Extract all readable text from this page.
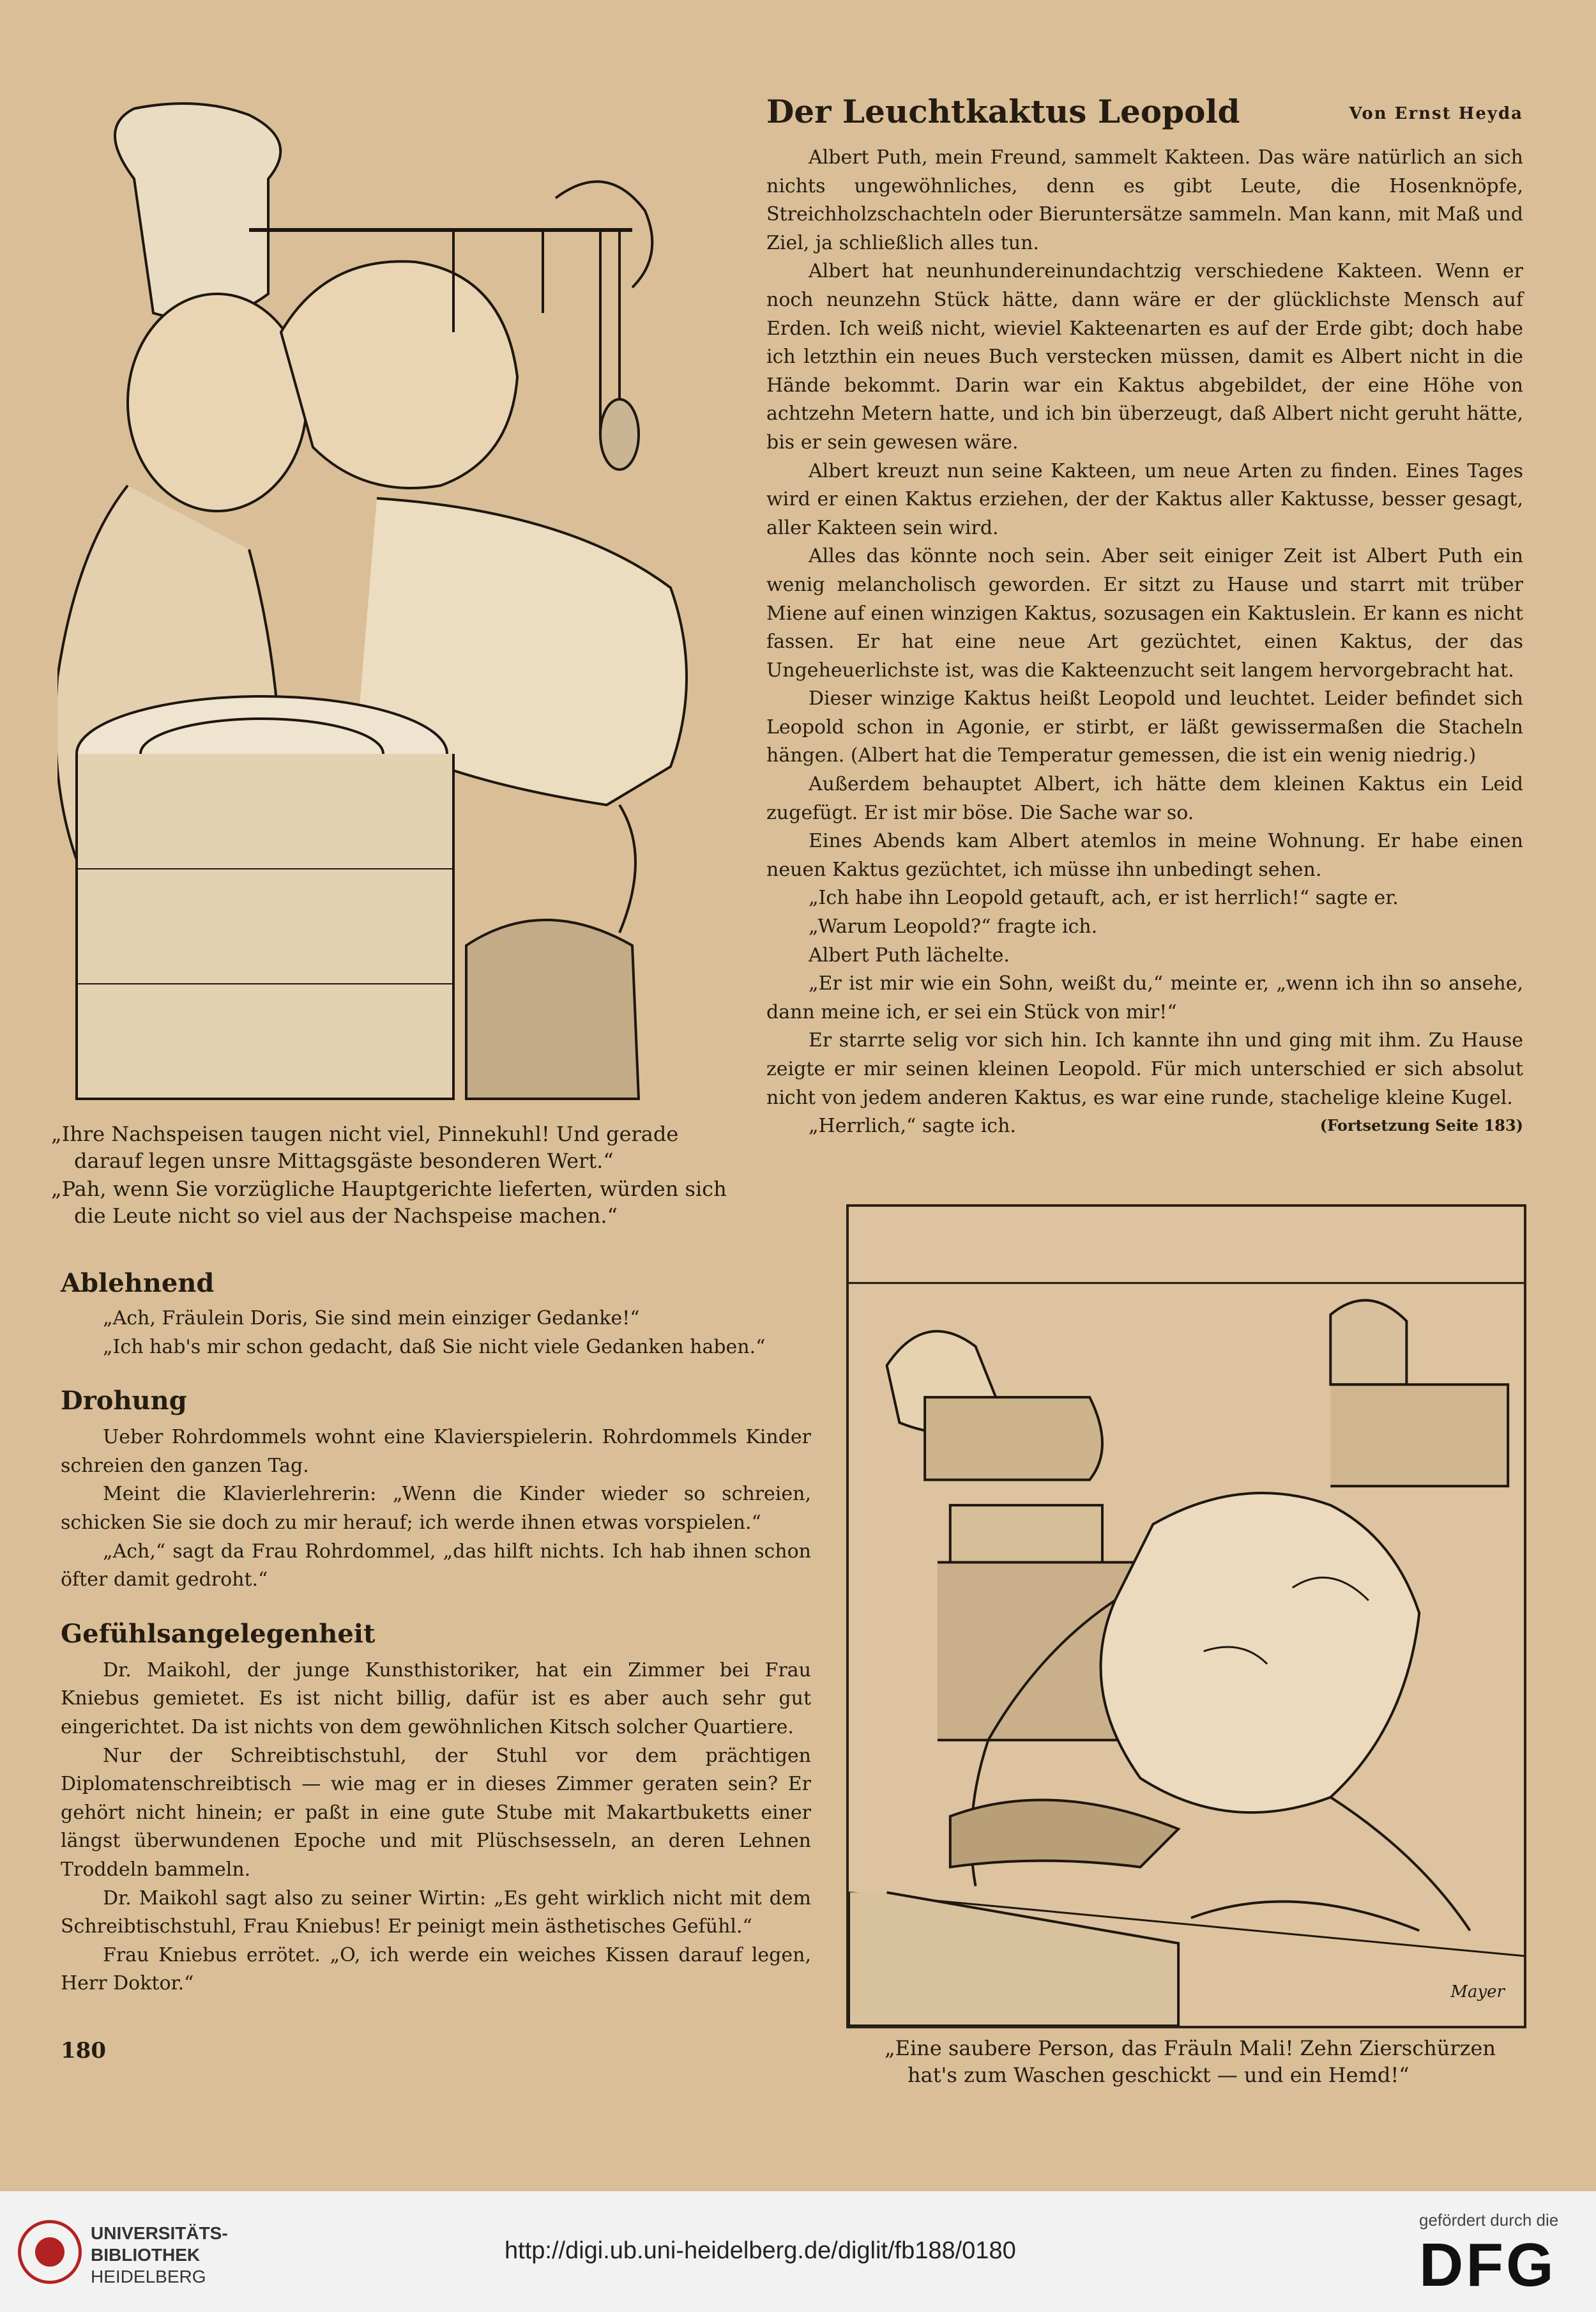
„Ihre Nachspeisen taugen nicht viel, Pinnekuhl! Und gerade darauf legen unsre Mittagsgäste besonderen Wert.“

„Pah, wenn Sie vorzügliche Hauptgerichte lieferten, würden sich die Leute nicht so viel aus der Nachspeise machen.“

Ablehnend

„Ach, Fräulein Doris, Sie sind mein einziger Gedanke!“

„Ich hab's mir schon gedacht, daß Sie nicht viele Gedanken haben.“

Drohung

Ueber Rohrdommels wohnt eine Klavierspielerin. Rohrdommels Kinder schreien den ganzen Tag.

Meint die Klavierlehrerin: „Wenn die Kinder wieder so schreien, schicken Sie sie doch zu mir herauf; ich werde ihnen etwas vorspielen.“

„Ach,“ sagt da Frau Rohrdommel, „das hilft nichts. Ich hab ihnen schon öfter damit gedroht.“

Gefühlsangelegenheit

Dr. Maikohl, der junge Kunsthistoriker, hat ein Zimmer bei Frau Kniebus gemietet. Es ist nicht billig, dafür ist es aber auch sehr gut eingerichtet. Da ist nichts von dem gewöhnlichen Kitsch solcher Quartiere.

Nur der Schreibtischstuhl, der Stuhl vor dem prächtigen Diplomatenschreibtisch — wie mag er in dieses Zimmer geraten sein? Er gehört nicht hinein; er paßt in eine gute Stube mit Makartbuketts einer längst überwundenen Epoche und mit Plüschsesseln, an deren Lehnen Troddeln bammeln.

Dr. Maikohl sagt also zu seiner Wirtin: „Es geht wirklich nicht mit dem Schreibtischstuhl, Frau Kniebus! Er peinigt mein ästhetisches Gefühl.“

Frau Kniebus errötet. „O, ich werde ein weiches Kissen darauf legen, Herr Doktor.“

180
Der Leuchtkaktus Leopold	Von Ernst Heyda

Albert Puth, mein Freund, sammelt Kakteen. Das wäre natürlich an sich nichts ungewöhnliches, denn es gibt Leute, die Hosenknöpfe, Streichholzschachteln oder Bieruntersätze sammeln. Man kann, mit Maß und Ziel, ja schließlich alles tun.

Albert hat neunhundereinundachtzig verschiedene Kakteen. Wenn er noch neunzehn Stück hätte, dann wäre er der glücklichste Mensch auf Erden. Ich weiß nicht, wieviel Kakteenarten es auf der Erde gibt; doch habe ich letzthin ein neues Buch verstecken müssen, damit es Albert nicht in die Hände bekommt. Darin war ein Kaktus abgebildet, der eine Höhe von achtzehn Metern hatte, und ich bin überzeugt, daß Albert nicht geruht hätte, bis er sein gewesen wäre.

Albert kreuzt nun seine Kakteen, um neue Arten zu finden. Eines Tages wird er einen Kaktus erziehen, der der Kaktus aller Kaktusse, besser gesagt, aller Kakteen sein wird.

Alles das könnte noch sein. Aber seit einiger Zeit ist Albert Puth ein wenig melancholisch geworden. Er sitzt zu Hause und starrt mit trüber Miene auf einen winzigen Kaktus, sozusagen ein Kaktuslein. Er kann es nicht fassen. Er hat eine neue Art gezüchtet, einen Kaktus, der das Ungeheuerlichste ist, was die Kakteenzucht seit langem hervorgebracht hat.

Dieser winzige Kaktus heißt Leopold und leuchtet. Leider befindet sich Leopold schon in Agonie, er stirbt, er läßt gewissermaßen die Stacheln hängen. (Albert hat die Temperatur gemessen, die ist ein wenig niedrig.)

Außerdem behauptet Albert, ich hätte dem kleinen Kaktus ein Leid zugefügt. Er ist mir böse. Die Sache war so.

Eines Abends kam Albert atemlos in meine Wohnung. Er habe einen neuen Kaktus gezüchtet, ich müsse ihn unbedingt sehen.

„Ich habe ihn Leopold getauft, ach, er ist herrlich!“ sagte er.

„Warum Leopold?“ fragte ich.

Albert Puth lächelte.

„Er ist mir wie ein Sohn, weißt du,“ meinte er, „wenn ich ihn so ansehe, dann meine ich, er sei ein Stück von mir!“

Er starrte selig vor sich hin. Ich kannte ihn und ging mit ihm. Zu Hause zeigte er mir seinen kleinen Leopold. Für mich unterschied er sich absolut nicht von jedem anderen Kaktus, es war eine runde, stachelige kleine Kugel.

„Herrlich,“ sagte ich.	(Fortsetzung Seite 183)
Mayer
„Eine saubere Person, das Fräuln Mali! Zehn Zierschürzen hat's zum Waschen geschickt — und ein Hemd!“
UNIVERSITÄTS-
BIBLIOTHEK
HEIDELBERG
http://digi.ub.uni-heidelberg.de/diglit/fb188/0180
gefördert durch die
DFG
